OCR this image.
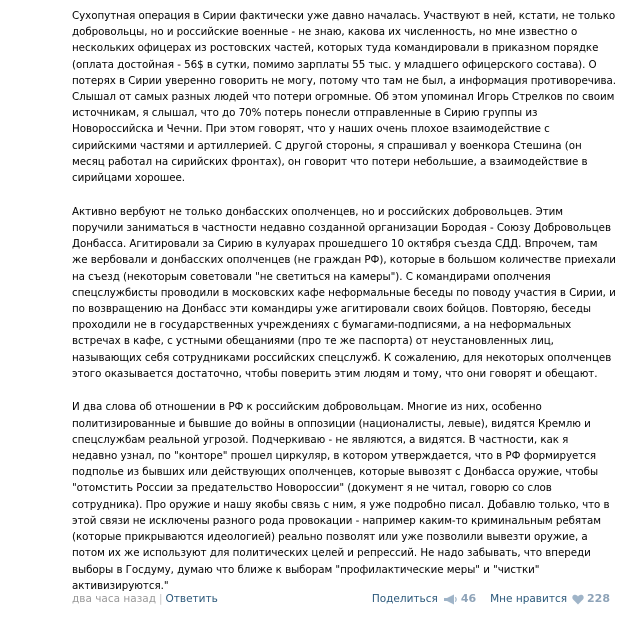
Сухопутная операция в Сирии фактически уже давно началась. Участвуют в ней, кстати, не только добровольцы, но и российские военные - не знаю, какова их численность, но мне известно о нескольких офицерах из ростовских частей, которых туда командировали в приказном порядке (оплата достойная - 56$ в сутки, помимо зарплаты 55 тыс. у младшего офицерского состава). О потерях в Сирии уверенно говорить не могу, потому что там не был, а информация противоречива. Слышал от самых разных людей что потери огромные. Об этом упоминал Игорь Стрелков по своим источникам, я слышал, что до 70% потерь понесли отправленные в Сирию группы из Новороссийска и Чечни. При этом говорят, что у наших очень плохое взаимодействие с сирийскими частями и артиллерией. С другой стороны, я спрашивал у военкора Стешина (он месяц работал на сирийских фронтах), он говорит что потери небольшие, а взаимодействие в сирийцами хорошее.

Активно вербуют не только донбасских ополченцев, но и российских добровольцев. Этим поручили заниматься в частности недавно созданной организации Бородая - Союзу Добровольцев Донбасса. Агитировали за Сирию в кулуарах прошедшего 10 октября съезда СДД. Впрочем, там же вербовали и донбасских ополченцев (не граждан РФ), которые в большом количестве приехали на съезд (некоторым советовали "не светиться на камеры"). С командирами ополчения спецслужбисты проводили в московских кафе неформальные беседы по поводу участия в Сирии, и по возвращению на Донбасс эти командиры уже агитировали своих бойцов. Повторяю, беседы проходили не в государственных учреждениях с бумагами-подписями, а на неформальных встречах в кафе, с устными обещаниями (про те же паспорта) от неустановленных лиц, называющих себя сотрудниками российских спецслужб. К сожалению, для некоторых ополченцев этого оказывается достаточно, чтобы поверить этим людям и тому, что они говорят и обещают.

И два слова об отношении в РФ к российским добровольцам. Многие из них, особенно политизированные и бывшие до войны в оппозиции (националисты, левые), видятся Кремлю и спецслужбам реальной угрозой. Подчеркиваю - не являются, а видятся. В частности, как я недавно узнал, по "конторе" прошел циркуляр, в котором утверждается, что в РФ формируется подполье из бывших или действующих ополченцев, которые вывозят с Донбасса оружие, чтобы "отомстить России за предательство Новороссии" (документ я не читал, говорю со слов сотрудника). Про оружие и нашу якобы связь с ним, я уже подробно писал. Добавлю только, что в этой связи не исключены разного рода провокации - например каким-то криминальным ребятам (которые прикрываются идеологией) реально позволят или уже позволили вывезти оружие, а потом их же используют для политических целей и репрессий. Не надо забывать, что впереди выборы в Госдуму, думаю что ближе к выборам "профилактические меры" и "чистки" активизируются."

два часа назад | Ответить	Поделиться 46 Мне нравится 228
